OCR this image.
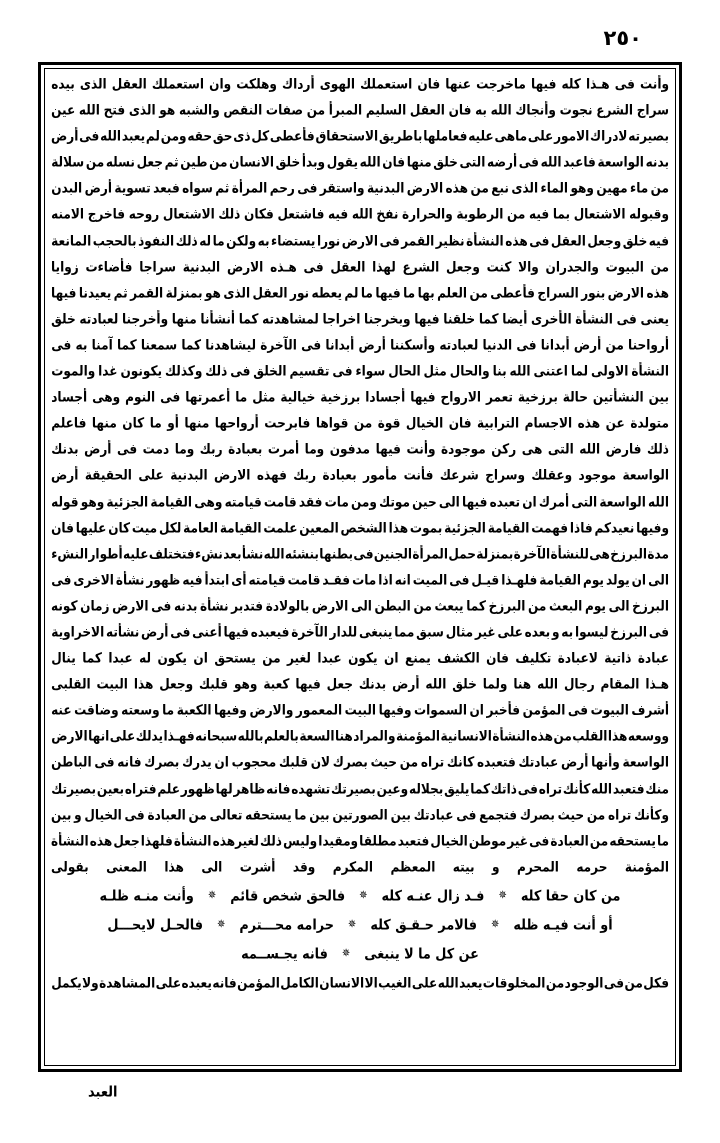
٢٥٠
وأنت
فى
هـذا
كله
فيها
ماخرجت
عنها
فان
استعملك
الهوى
أرداك
وهلكت
وان
استعملك
العقل
الذى
بيده
سراج
الشرع
نجوت
وأنجاك
الله
به
فان
العقل
السليم
المبرأ
من
صفات
النقص
والشبه
هو
الذى
فتح
الله
عين
بصيرته
لادراك
الامور
على
ماهى
عليه
فعاملها
باطريق
الاستحقاق
فأعطى
كل
ذى
حق
حقه
ومن
لم
يعبد
الله
فى
أرض
بدنه
الواسعة
فاعبد
الله
فى
أرضه
التى
خلق
منها
فان
الله
يقول
وبدأ
خلق
الانسان
من
طين
ثم
جعل
نسله
من
سلالة
من
ماء
مهين
وهو
الماء
الذى
نبع
من
هذه
الارض
البدنية
واستقر
فى
رحم
المرأة
ثم
سواه
فبعد
تسوية
أرض
البدن
وقبوله
الاشتعال
بما
فيه
من
الرطوبة
والحرارة
نفخ
الله
فيه
فاشتعل
فكان
ذلك
الاشتعال
روحه
فاخرج
الامنه
فيه
خلق
وجعل
العقل
فى
هذه
النشأة
نظير
القمر
فى
الارض
نورا
يستضاء
به
ولكن
ما
له
ذلك
النفوذ
بالحجب
المانعة
من
البيوت
والجدران
والا
كنت
وجعل
الشرع
لهذا
العقل
فى
هـذه
الارض
البدنية
سراجا
فأضاءت
زوايا
هذه
الارض
بنور
السراج
فأعطى
من
العلم
بها
ما
فيها
ما
لم
يعطه
نور
العقل
الذى
هو
بمنزلة
القمر
ثم
يعيدنا
فيها
يعنى
فى
النشأة
الأخرى
أيضا
كما
خلقنا
فيها
وبخرجنا
اخراجا
لمشاهدته
كما
أنشأنا
منها
وأخرجنا
لعبادته
خلق
أرواحنا
من
أرض
أبدانا
فى
الدنيا
لعبادته
وأسكننا
أرض
أبدانا
فى
الآخرة
ليشاهدنا
كما
سمعنا
كما
آمنا
به
فى
النشأة
الاولى
لما
اعتنى
الله
بنا
والحال
مثل
الحال
سواء
فى
تقسيم
الخلق
فى
ذلك
وكذلك
يكونون
غدا
والموت
بين
النشأتين
حالة
برزخية
تعمر
الارواح
فيها
أجسادا
برزخية
خيالية
مثل
ما
أعمرتها
فى
النوم
وهى
أجساد
متولدة
عن
هذه
الاجسام
الترابية
فان
الخيال
قوة
من
قواها
فابرحت
أرواحها
منها
أو
ما
كان
منها
فاعلم
ذلك
فارض
الله
التى
هى
ركن
موجودة
وأنت
فيها
مدفون
وما
أمرت
بعبادة
ربك
وما
دمت
فى
أرض
بدنك
الواسعة
موجود
وعقلك
وسراج
شرعك
فأنت
مأمور
بعبادة
ربك
فهذه
الارض
البدنية
على
الحقيقة
أرض
الله
الواسعة
التى
أمرك
ان
تعبده
فيها
الى
حين
موتك
ومن
مات
فقد
قامت
قيامته
وهى
القيامة
الجزئية
وهو
قوله
وفيها
نعيدكم
فاذا
فهمت
القيامة
الجزئية
بموت
هذا
الشخص
المعين
علمت
القيامة
العامة
لكل
ميت
كان
عليها
فان
مدة
البرزخ
هى
للنشأة
الآخرة
بمنزلة
حمل
المرأة
الجنين
فى
بطنها
بنشئه
الله
نشأ
بعد
نشء
فتختلف
عليه
أطوار
النشء
الى
ان
يولد
يوم
القيامة
فلهـذا
قيـل
فى
الميت
انه
اذا
مات
فقـد
قامت
قيامته
أى
ابتدأ
فيه
ظهور
نشأة
الاخرى
فى
البرزخ
الى
يوم
البعث
من
البرزخ
كما
يبعث
من
البطن
الى
الارض
بالولادة
فتدبر
نشأة
بدنه
فى
الارض
زمان
كونه
فى
البرزخ
ليسوا
به
و
بعده
على
غير
مثال
سبق
مما
ينبغى
للدار
الآخرة
فيعبده
فيها
أعنى
فى
أرض
نشأته
الاخراوية
عبادة
ذاتية
لاعبادة
تكليف
فان
الكشف
يمنع
ان
يكون
عبدا
لغير
من
يستحق
ان
يكون
له
عبدا
كما
ينال
هـذا
المقام
رجال
الله
هنا
ولما
خلق
الله
أرض
بدنك
جعل
فيها
كعبة
وهو
قلبك
وجعل
هذا
البيت
القلبى
أشرف
البيوت
فى
المؤمن
فأخبر
ان
السموات
وفيها
البيت
المعمور
والارض
وفيها
الكعبة
ما
وسعته
وضاقت
عنه
ووسعه
هذا
القلب
من
هذه
النشأة
الانسانية
المؤمنة
والمراد
هنا
السعة
بالعلم
بالله
سبحانه
فهـذا
يدلك
على
انها
الارض
الواسعة
وأنها
أرض
عبادتك
فتعبده
كانك
تراه
من
حيث
بصرك
لان
قلبك
محجوب
ان
يدرك
بصرك
فانه
فى
الباطن
منك
فتعبد
الله
كأنك
تراه
فى
ذاتك
كما
يليق
بجلاله
وعين
بصيرتك
تشهده
فانه
ظاهر
لها
ظهور
علم
فتراه
بعين
بصيرتك
وكأنك
تراه
من
حيث
بصرك
فتجمع
فى
عبادتك
بين
الصورتين
بين
ما
يستحقه
تعالى
من
العبادة
فى
الخيال
و
بين
ما
يستحقه
من
العبادة
فى
غير
موطن
الخيال
فتعبد
مطلقا
ومقيدا
وليس
ذلك
لغيرهذه
النشأة
فلهذا
جعل
هذه
النشأة
المؤمنة
حرمه
المحرم
و
بيته
المعظم
المكرم
وقد
أشرت
الى
هذا
المعنى
بقولى
من كان حقا كله
✵
فـد زال عنـه كله
✵
فالحق شخص قائم
✵
وأنت منـه ظلـه
أو أنت فيـه ظله
✵
فالامر حـقـق كله
✵
حرامه محـــترم
✵
فالحـل لايحـــل
عن كل ما لا ينبغى
✵
فانه يجـســمه
فكل
من
فى
الوجود
من
المخلوقات
يعبد
الله
على
الغيب
الا
الانسان
الكامل
المؤمن
فانه
يعبده
على
المشاهدة
ولا
يكمل
العبد
